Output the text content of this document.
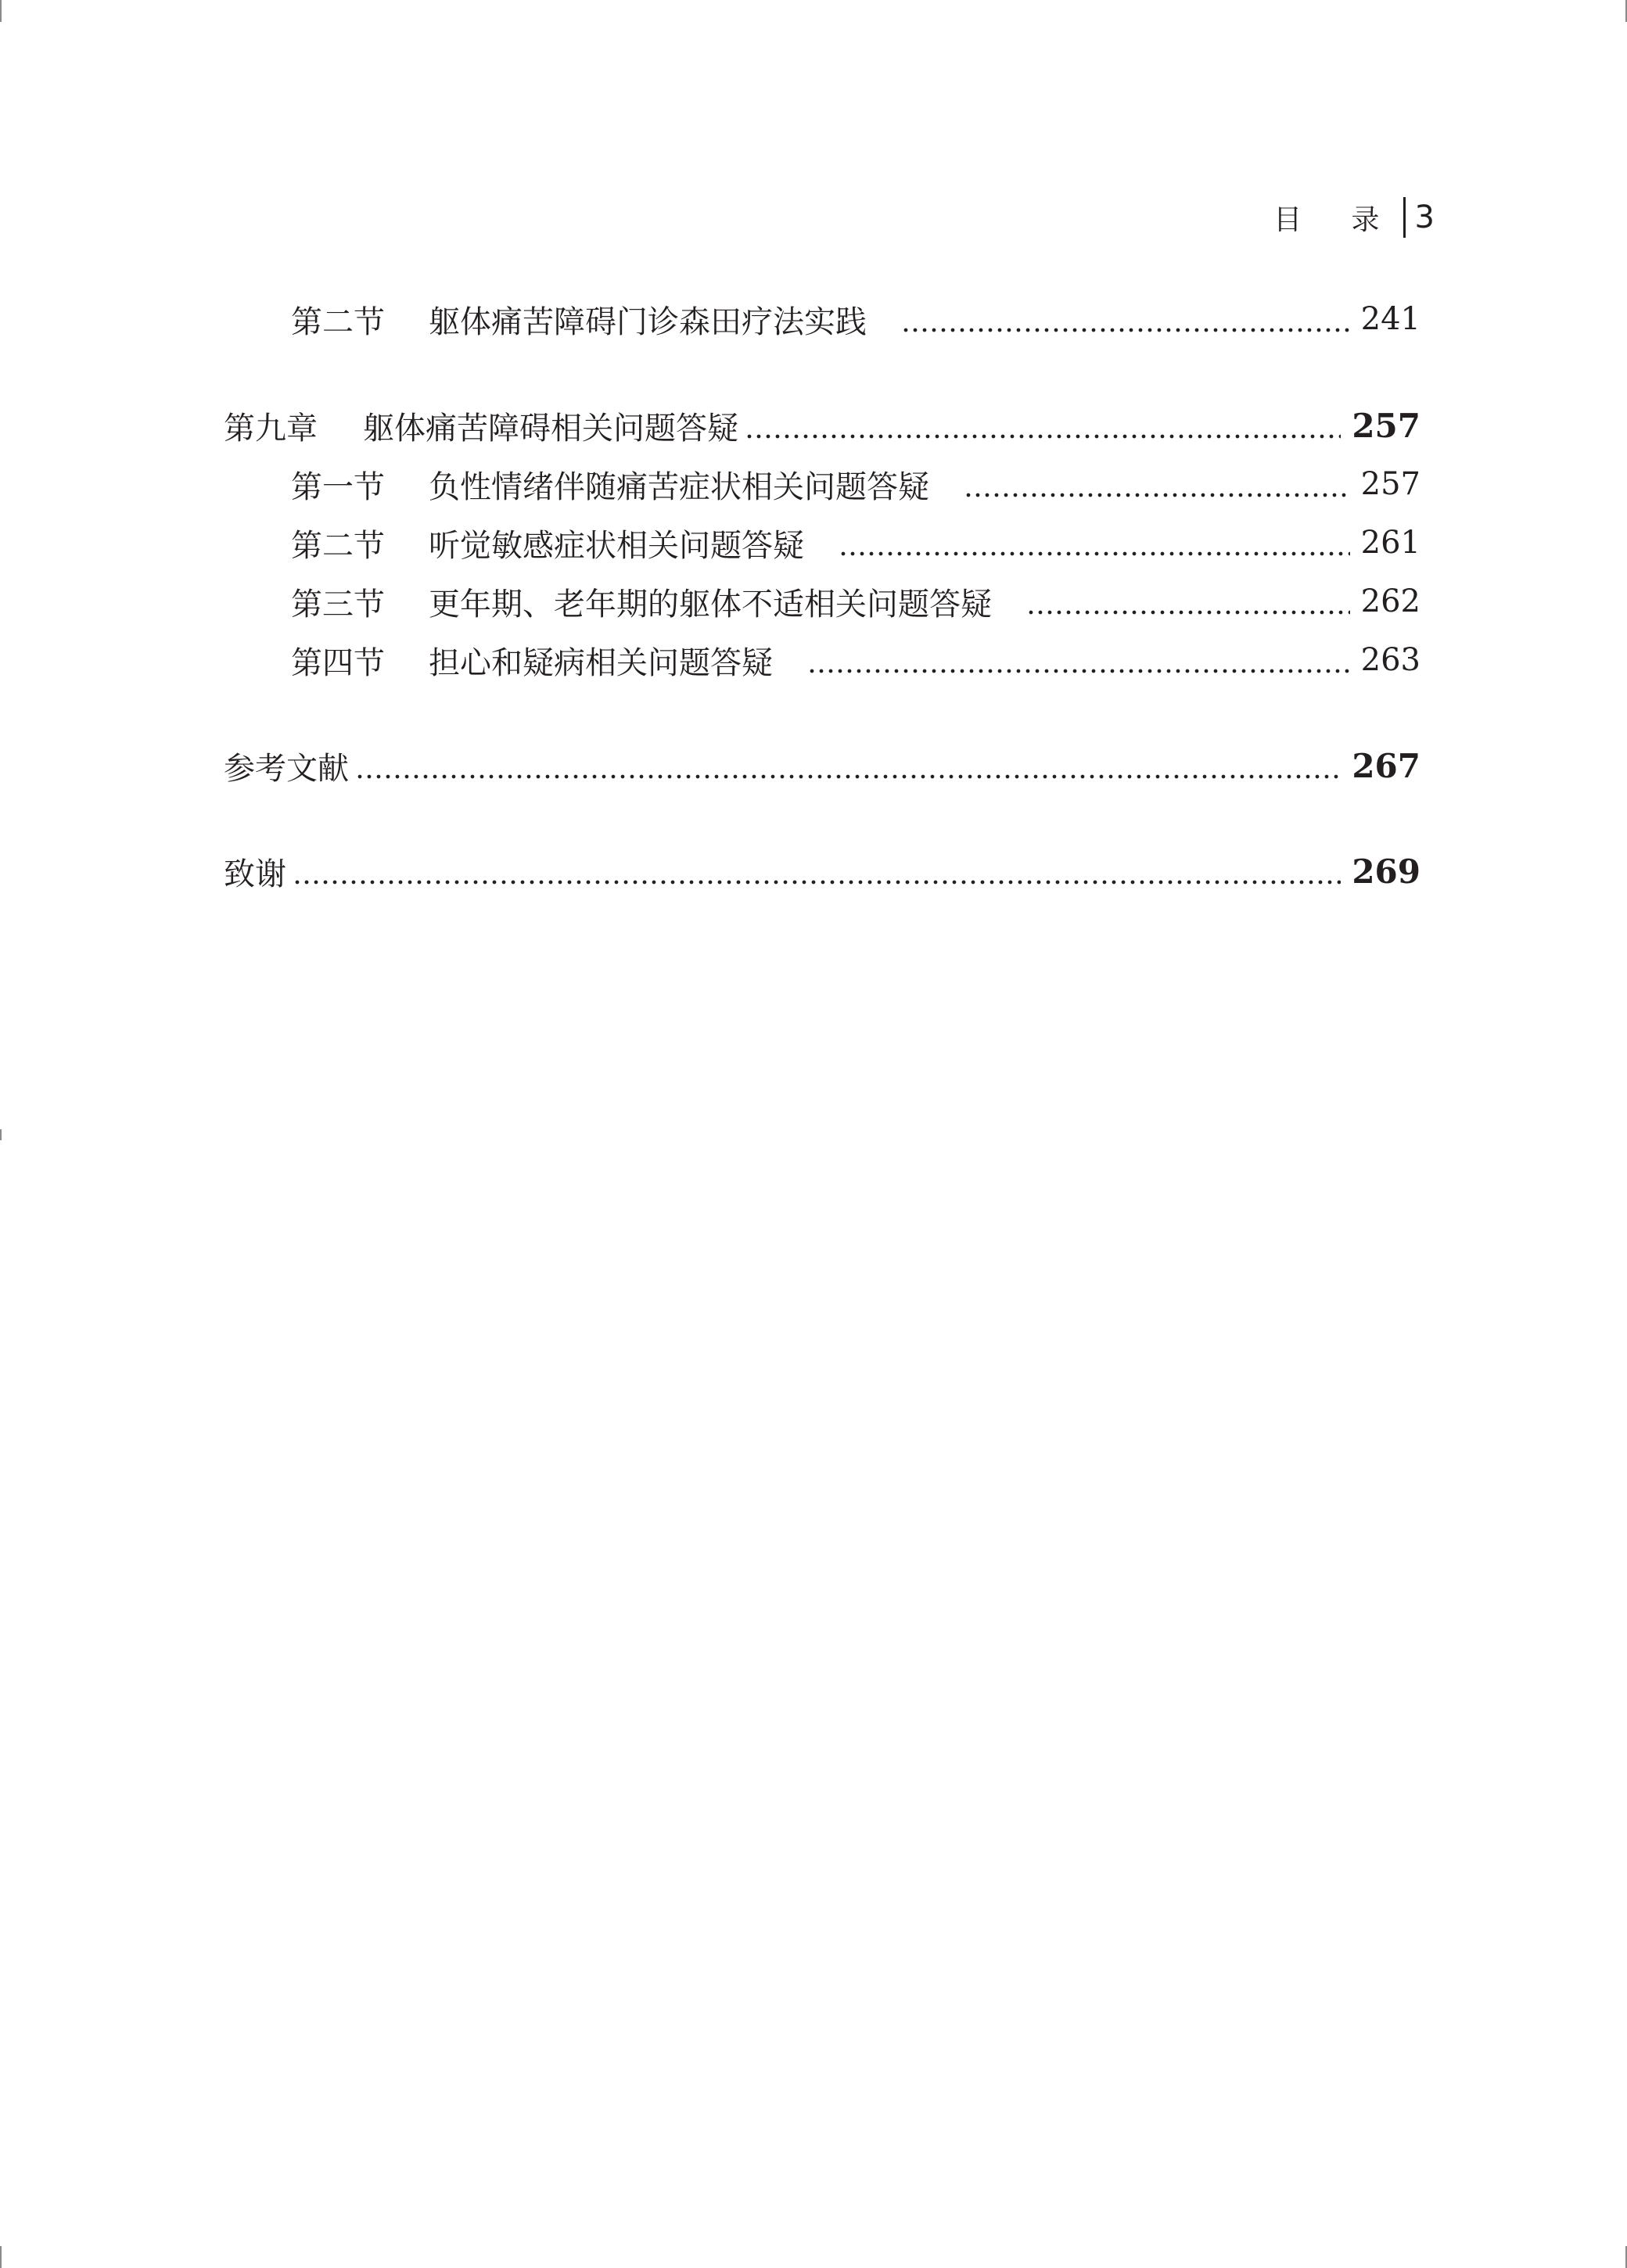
目 录 3
第二节	躯体痛苦障碍门诊森田疗法实践	241
第九章	躯体痛苦障碍相关问题答疑	257
第一节	负性情绪伴随痛苦症状相关问题答疑	257
第二节	听觉敏感症状相关问题答疑	261
第三节	更年期、老年期的躯体不适相关问题答疑	262
第四节	担心和疑病相关问题答疑	263
参考文献	267
致谢	269
